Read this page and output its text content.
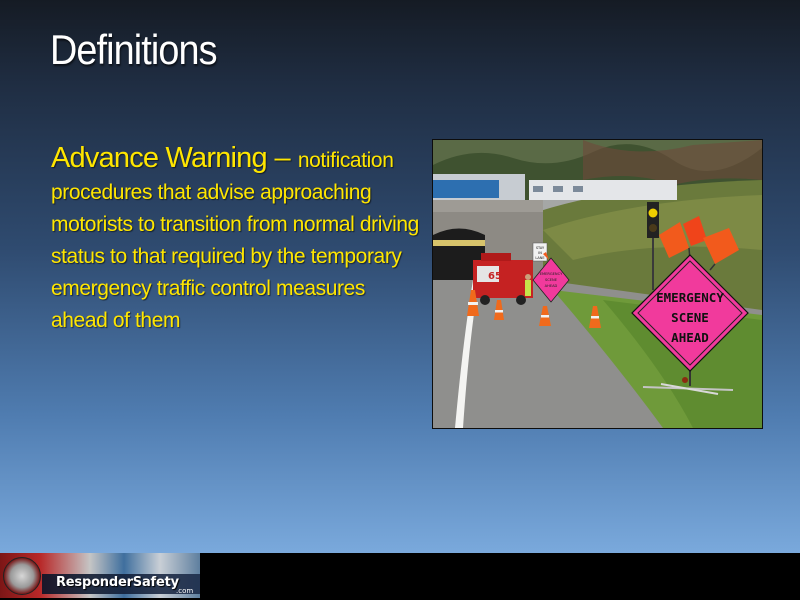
Definitions
Advance Warning – notification procedures that advise approaching motorists to transition from normal driving status to that required by the temporary emergency traffic control measures ahead of them
65
STAY
IN
LANE
EMERGENCY
SCENE
AHEAD
EMERGENCY
SCENE
AHEAD
ResponderSafety
.com
